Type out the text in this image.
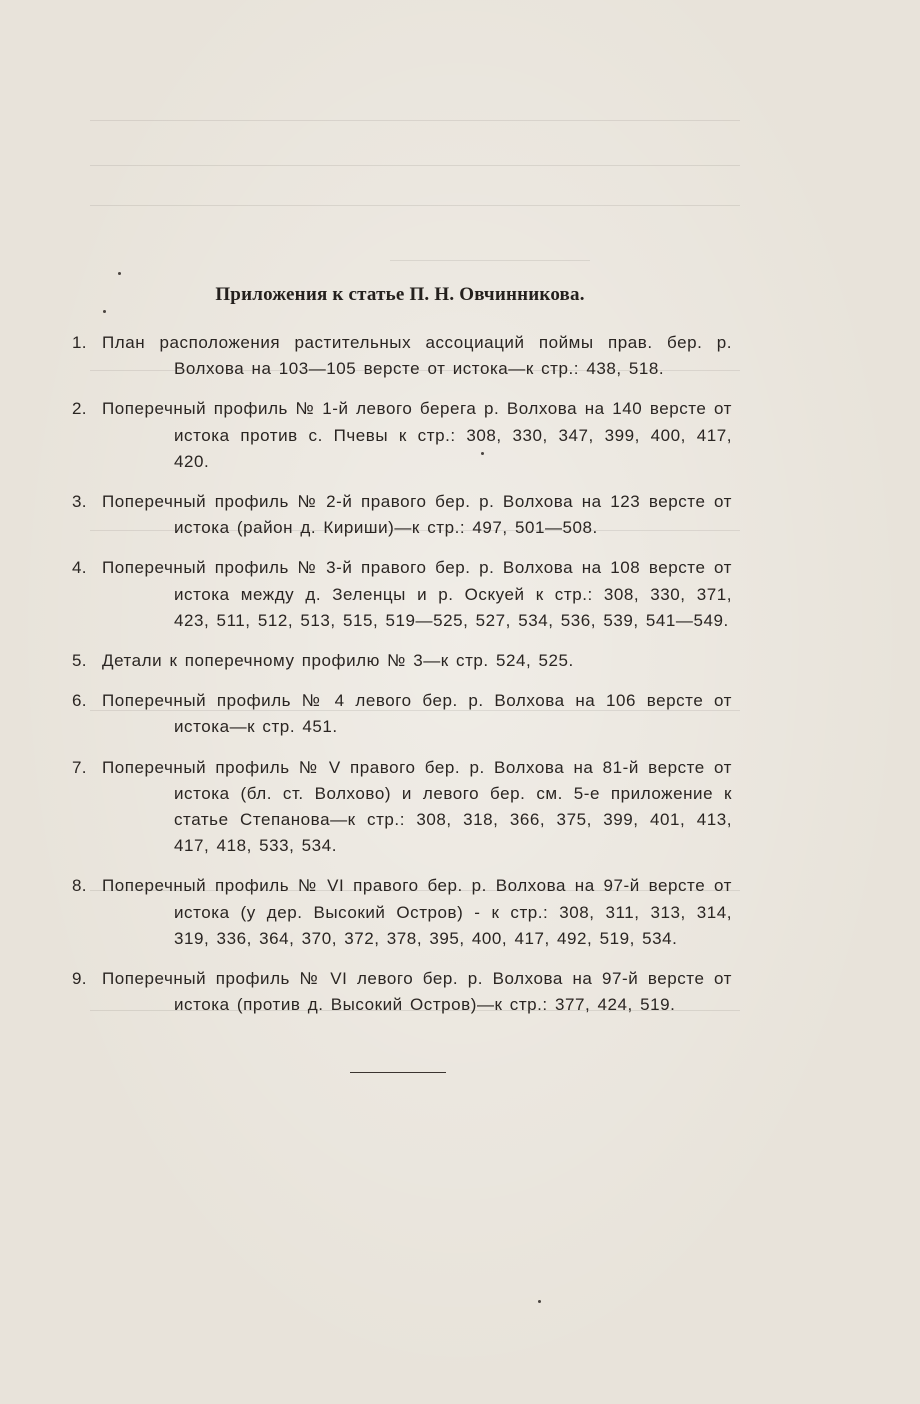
Приложения к статье П. Н. Овчинникова.
1. План расположения растительных ассоциаций поймы прав. бер. р. Волхова на 103—105 версте от истока—к стр.: 438, 518.
2. Поперечный профиль № 1-й левого берега р. Волхова на 140 версте от истока против с. Пчевы к стр.: 308, 330, 347, 399, 400, 417, 420.
3. Поперечный профиль № 2-й правого бер. р. Волхова на 123 версте от истока (район д. Кириши)—к стр.: 497, 501—508.
4. Поперечный профиль № 3-й правого бер. р. Волхова на 108 версте от истока между д. Зеленцы и р. Оскуей к стр.: 308, 330, 371, 423, 511, 512, 513, 515, 519—525, 527, 534, 536, 539, 541—549.
5. Детали к поперечному профилю № 3—к стр. 524, 525.
6. Поперечный профиль № 4 левого бер. р. Волхова на 106 версте от истока—к стр. 451.
7. Поперечный профиль № V правого бер. р. Волхова на 81-й версте от истока (бл. ст. Волхово) и левого бер. см. 5-е приложение к статье Степанова—к стр.: 308, 318, 366, 375, 399, 401, 413, 417, 418, 533, 534.
8. Поперечный профиль № VI правого бер. р. Волхова на 97-й версте от истока (у дер. Высокий Остров) - к стр.: 308, 311, 313, 314, 319, 336, 364, 370, 372, 378, 395, 400, 417, 492, 519, 534.
9. Поперечный профиль № VI левого бер. р. Волхова на 97-й версте от истока (против д. Высокий Остров)—к стр.: 377, 424, 519.
